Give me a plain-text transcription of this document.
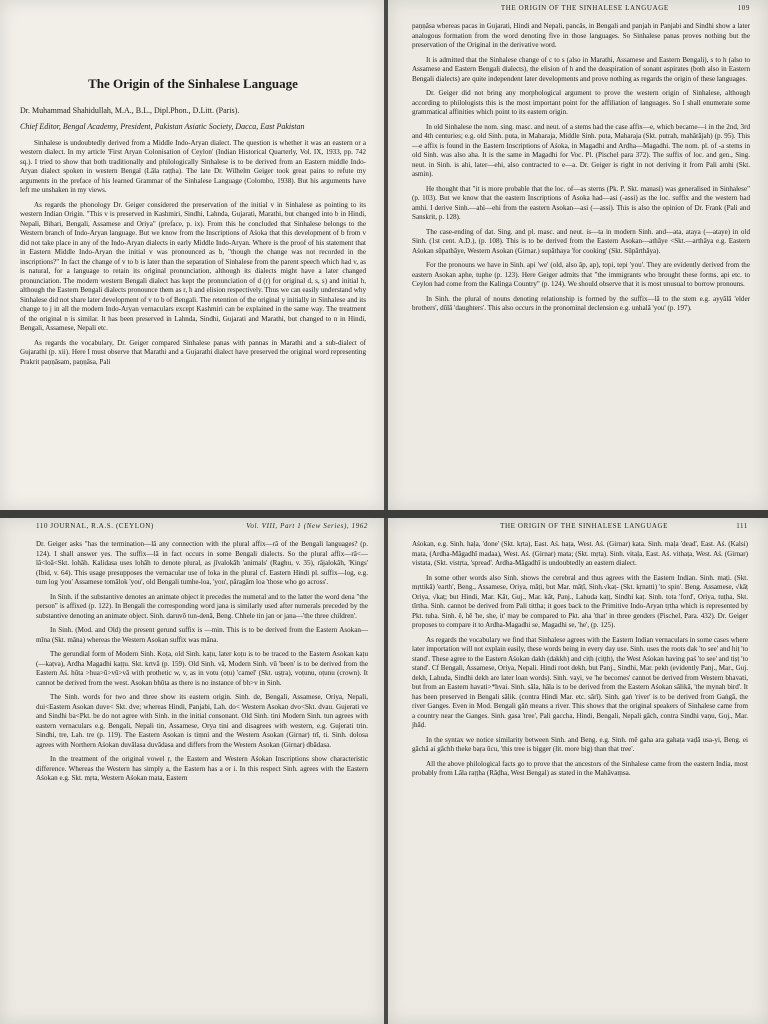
The Origin of the Sinhalese Language

Dr. Muhammad Shahidullah, M.A., B.L., Dipl.Phon., D.Litt. (Paris).

Chief Editor, Bengal Academy, President, Pakistan Asiatic Society, Dacca, East Pakistan

Sinhalese is undoubtedly derived from a Middle Indo-Aryan dialect. The question is whether it was an eastern or a western dialect. In my article 'First Aryan Colonisation of Ceylon' (Indian Historical Quarterly, Vol. IX, 1933, pp. 742 sq.). I tried to show that both traditionally and philologically Sinhalese is to be derived from an Eastern middle Indo-Aryan dialect spoken in western Bengal (Lāla raṭṭha). The late Dr. Wilhelm Geiger took great pains to refute my arguments in the preface of his learned Grammar of the Sinhalese Language (Colombo, 1938). But his arguments have left me unshaken in my views.

As regards the phonology Dr. Geiger considered the preservation of the initial v in Sinhalese as pointing to its western Indian Origin. "This v is preserved in Kashmiri, Sindhi, Lahnda, Gujarati, Marathi, but changed into b in Hindi, Nepali, Bihari, Bengali, Assamese and Oriya" (preface, p. ix). From this he concluded that Sinhalese belongs to the Western branch of Indo-Aryan language. But we know from the Inscriptions of Aśoka that this development of b from v did not take place in any of the Indo-Aryan dialects in early Middle Indo-Aryan. Where is the proof of his statement that in Eastern Middle Indo-Aryan the initial v was pronounced as b, "though the change was not recorded in the inscriptions?" In fact the change of v to b is later than the separation of Sinhalese from the parent speech which had v, as is natural, for a language to retain its original pronunciation, although its dialects might have a later changed pronunciation. The modern western Bengali dialect has kept the pronunciation of d (r) for original d, s, s) and initial h, although the Eastern Bengali dialects pronounce them as r, h and elision respectively. Thus we can easily understand why Sinhalese did not share later development of v to b of Bengali. The retention of the original y initially in Sinhalese and its change to j in all the modern Indo-Aryan vernaculars except Kashmiri can be explained in the same way. The treatment of the original n is similar. It has been preserved in Lahnda, Sindhi, Gujarati and Marathi, but changed to n in Hindi, Bengali, Assamese, Nepali etc.

As regards the vocabulary, Dr. Geiger compared Sinhalese panas with pannas in Marathi and a sub-dialect of Gujarathi (p. xii). Here I must observe that Marathi and a Gujarathi dialect have preserved the original word representing Prakrit paṇṇāsam, paṇṇāsa, Pali

THE ORIGIN OF THE SINHALESE LANGUAGE	109

paṇṇāsa whereas pacas in Gujarati, Hindi and Nepali, pancās, in Bengali and panjah in Panjabi and Sindhi show a later analogous formation from the word denoting five in those languages. So Sinhalese panas proves nothing but the preservation of the Original in the derivative word.

It is admitted that the Sinhalese change of c to s (also in Marathi, Assamese and Eastern Bengali), s to h (also to Assamese and Eastern Bengali dialects), the elision of h and the deaspiration of sonant aspirates (both also in Eastern Bengali dialects) are quite independent later developments and prove nothing as regards the origin of these languages.

Dr. Geiger did not bring any morphological argument to prove the western origin of Sinhalese, although according to philologists this is the most important point for the affiliation of languages. So I shall enumerate some grammatical affinities which point to its eastern origin.

In old Sinhalese the nom. sing. masc. and neut. of a stems had the case affix—e, which became—i in the 2nd, 3rd and 4th centuries; e.g. old Sinh. puta, in Maharaja, Middle Sinh. puta, Maharaja (Skt. putrah, mahārājah) (p. 95). This—e affix is found in the Eastern Inscriptions of Aśoka, in Magadhi and Ardha—Magadhi. The nom. pl. of -a stems in old Sinh. was also aha. It is the same in Magadhi for Voc. Pl. (Pischel para 372). The suffix of loc. and gen., Sing. neut. in Sinh. is ahi, later—ehi, also contracted to e—a. Dr. Geiger is right in not deriving it from Pali amhi (Skt. asmin).

He thought that "it is more probable that the loc. of—as sterns (Pk. P. Skt. manasi) was generalised in Sinhalese" (p. 103). But we know that the eastern Inscriptions of Asoka had—asi (-assi) as the loc. suffix and the western had amhi. I derive Sinh.—ahi—ehi from the eastern Asokan—asi (—assi). This is also the opinion of Dr. Frank (Pali and Sanskrit, p. 128).

The case-ending of dat. Sing. and pl. masc. and neut. is—ta in modern Sinh. and—ata, ataya (—ataye) in old Sinh. (1st cent. A.D.), (p. 108). This is to be derived from the Eastern Asokan—athāye <Skt.—arthāya e.g. Eastern Aśokan sūpathāye, Western Asokan (Girnar.) supāthaya 'for cooking' (Skt. Sūpārthāya).

For the pronouns we have in Sinh. api 'we' (old, also āp, ap), topi, tepi 'you'. They are evidently derived from the eastern Asokan aphe, tuphe (p. 123). Here Geiger admits that "the immigrants who brought these forms, api etc. to Ceylon had come from the Kalinga Country" (p. 124). We should observe that it is most unusual to borrow pronouns.

In Sinh. the plural of nouns denoting relationship is formed by the suffix—lā to the stem e.g. ayyālā 'elder brothers', dūlā 'daughters'. This also occurs in the pronominal declension e.g. unhalā 'you' (p. 197).

110 JOURNAL, R.A.S. (CEYLON)	Vol. VIII, Part 1 (New Series), 1962

Dr. Geiger asks "has the termination—lā any connection with the plural affix—rā of the Bengali languages? (p. 124). I shall answer yes. The suffix—lā in fact occurs in some Bengali dialects. So the plural affix—rā<—lā<loā<Skt. lohāh. Kalidasa uses lohāh to denote plural, as jīvalokāh 'animals' (Raghu, v. 35), rājalokāh, 'Kings' (Ibid, v. 64). This usage presupposes the vernacular use of loka in the plural cf. Eastern Hindi pl. suffix—log, e.g. tum log 'you' Assamese tomālok 'you', old Bengali tumhe-loa, 'you', pāragām loa 'those who go across'.

In Sinh. if the substantive denotes an animate object it precedes the numeral and to the latter the word dena "the person" is affixed (p. 122). In Bengali the corresponding word jana is similarly used after numerals preceded by the substantive denoting an animate object. Sinh. daruvō tun-denā, Beng. Chhele tin jan or jana—'the three children'.

In Sinh. (Mod. and Old) the present gerund suffix is —min. This is to be derived from the Eastern Asokan—mīna (Skt. māna) whereas the Western Asokan suffix was māna.

The gerundial form of Modern Sinh. Koṭa, old Sinh. kaṭu, later koṭu is to be traced to the Eastern Asokan kaṭu (—kaṭva), Ardha Magadhi kaṭṭu. Skt. krtvā (p. 159). Old Sinh. vā, Modern Sinh. vū 'been' is to be derived from the Eastern Aś. hūta >hua>ū>vū>vā with prothetic w, v, as in votu (oṭu) 'camel' (Skt. uṣṭra), voṭunu, oṭunu (crown). It cannot be derived from the west. Asokan bhūta as there is no instance of bh>v in Sinh.

The Sinh. words for two and three show its eastern origin. Sinh. de, Bengali, Assamese, Oriya, Nepali, dui<Eastern Asokan duve< Skt. dve; whereas Hindi, Panjabi, Lah. do< Western Asokan dvo<Skt. dvau. Gujerati ve and Sindhi ba<Pkt. be do not agree with Sinh. in the initial consonant. Old Sinh. tini Modern Sinh. tun agrees with eastern vernaculars e.g. Bengali, Nepali tin, Assamese, Orya tini and disagrees with western, e.g. Gujerati trin. Sindhi, tre, Lah. tre (p. 119). The Eastern Asokan is tiṃni and the Western Asokan (Girnar) trī, ti. Sinh. dolosa agrees with Northern Aśokan duvālasa duvādasa and differs from the Western Asokan (Girnar) dbādasa.

In the treatment of the original vowel ṛ, the Eastern and Western Aśokan Inscriptions show characteristic difference. Whereas the Western has simply a, the Eastern has a or i. In this respect Sinh. agrees with the Eastern Aśokan e.g. Skt. mṛta, Western Aśokan mata, Eastern

THE ORIGIN OF THE SINHALESE LANGUAGE	111

Aśokan, e.g. Sinh. haḷa, 'done' (Skt. kṛta), East. Aś. haṭa, West. Aś. (Girnar) kata. Sinh. maḷa 'dead', East. Aś. (Kalsi) mata, (Ardha-Māgadhī madaa), West. Aś. (Girnar) mata; (Skt. mṛta). Sinh. vitaḷa, East. Aś. vithaṭa, West. Aś. (Girnar) vistata, (Skt. vistṛta, 'spread'. Ardha-Māgadhī is undoubtedly an eastern dialect.

In some other words also Sinh. shows the cerebral and thus agrees with the Eastern Indian. Sinh. maṭi. (Skt. mṛttikā) 'earth', Beng., Assamese, Oriya, māṭi, but Mar. māṭī, Sinh.√kaṭ- (Skt. kṛnatti) 'to spin'. Beng. Assamese, √kāṭ Oriya, √kaṭ; but Hindi, Mar. Kāt, Guj., Mar. kāt, Panj., Lahuda kaṭṭ, Sindhi kaṭ. Sinh. tota 'ford', Oriya, tuṭha, Skt. tīrtha. Sinh. cannot be derived from Pali tittha; it goes back to the Primitive Indo-Aryan tṛtha which is represented by Pkt. tuha. Sinh. ē, hē 'he, she, it' may be compared to Pkt. aha 'that' in three genders (Pischel, Para. 432). Dr. Geiger proposes to compare it to Ardha-Magadhi se, Magadhi se, 'he', (p. 125).

As regards the vocabulary we find that Sinhalese agrees with the Eastern Indian vernaculars in some cases where later importation will not explain easily, these words being in every day use. Sinh. uses the roots dak 'to see' and hiṭ 'to stand'. These agree to the Eastern Aśokan dakh (dakkh) and ciṭh (ciṭṭh), the West Aśokan having paś 'to see' and tiṣṭ 'to stand'. Cf Bengali, Assamese, Oriya, Nepali. Hindi root dekh, but Panj., Sindhi, Mar. pekh (evidently Panj., Mar., Guj. dekh, Lahuda, Sindhi dekh are later loan words). Sinh. vayi, ve 'he becomes' cannot be derived from Western bhavati, but from an Eastern havati>*hvai. Sinh. sāla, hāla is to be derived from the Eastern Aśokan sālikā, 'the mynah bird'. It has been preserved in Bengali sālik. (contra Hindi Mar. etc. sārī). Sinh. gaṅ 'river' is to be derived from Gaṅgā, the river Ganges. Even in Mod. Bengali gāṅ means a river. This shows that the original speakers of Sinhalese came from a country near the Ganges. Sinh. gasa 'tree', Pali gaccha, Hindi, Bengali, Nepali gāch, contra Sindhi vaṇu, Guj., Mar. jhāḍ.

In the syntax we notice similarity between Sinh. and Beng. e.g. Sinh. mē gaha ara gahaṭa vaḍā usa-yi, Beng. ei gāchā ai gāchh theke baṛa ūcu, 'this tree is bigger (lit. more big) than that tree'.

All the above philological facts go to prove that the ancestors of the Sinhalese came from the eastern India, most probably from Lāla raṭṭha (Rāḍha, West Bengal) as stated in the Mahāvaṃsa.
